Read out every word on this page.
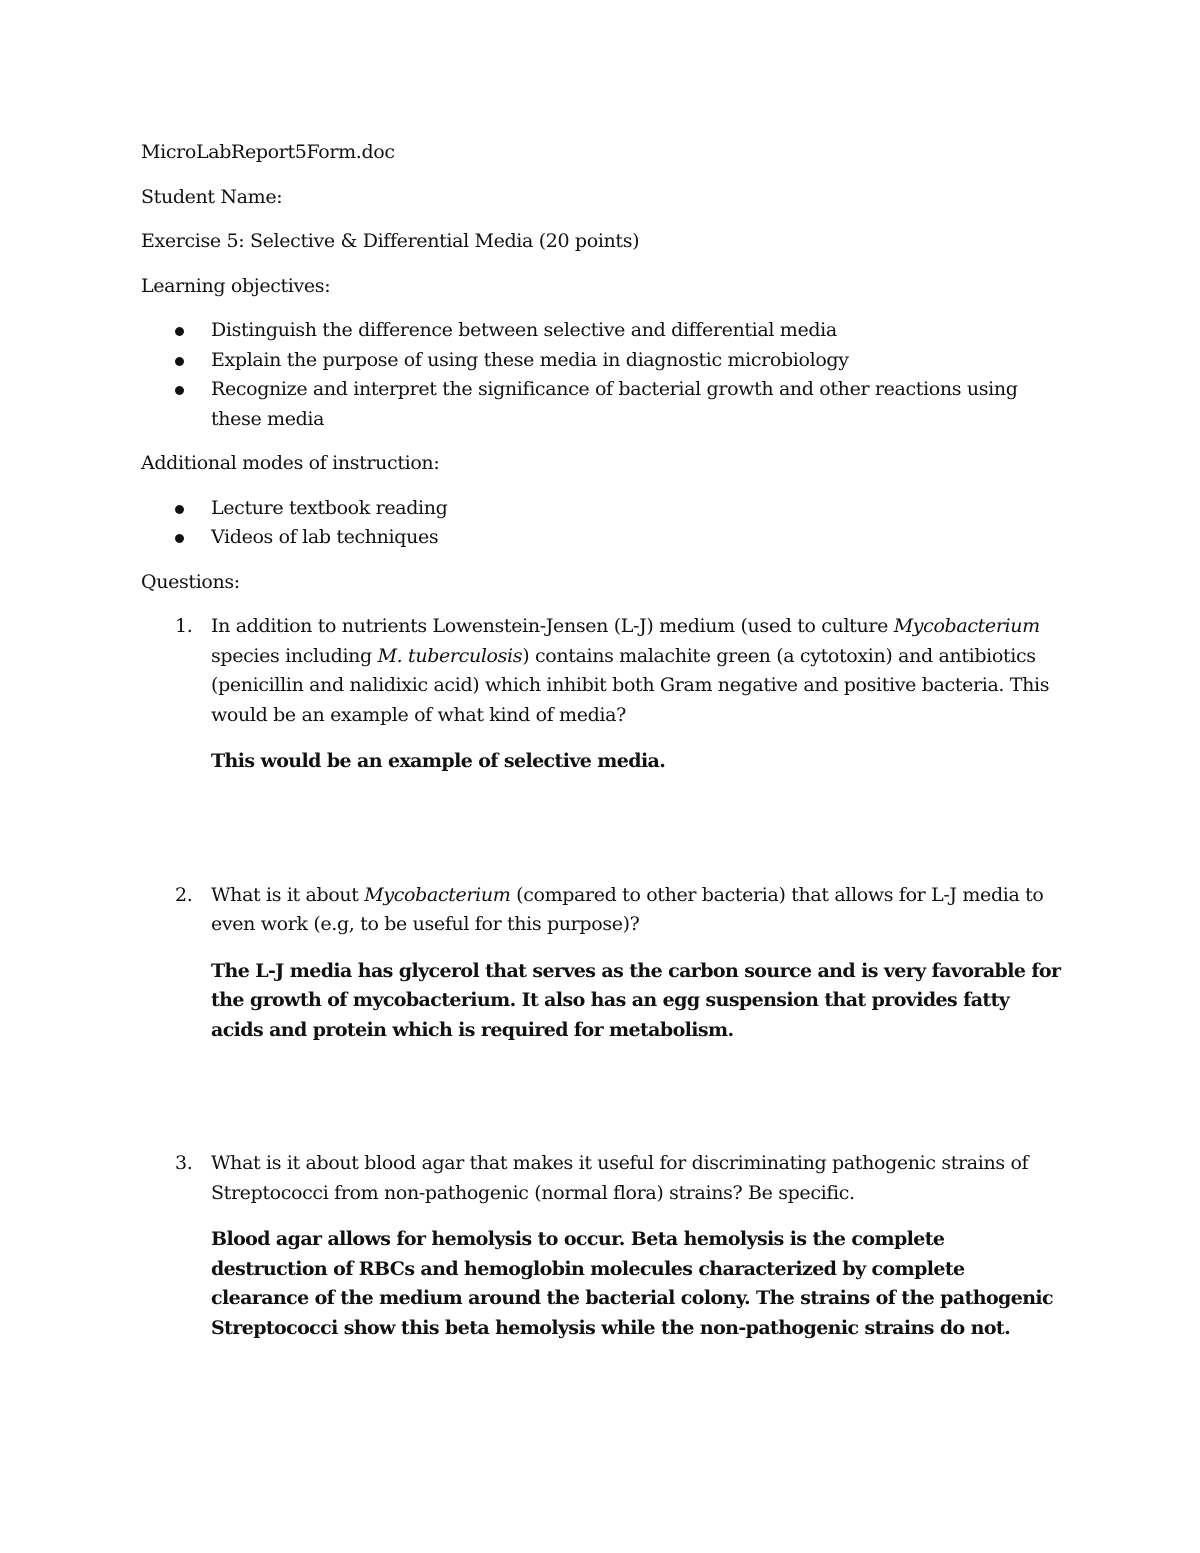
MicroLabReport5Form.doc

Student Name:

Exercise 5: Selective & Differential Media (20 points)

Learning objectives:

Distinguish the difference between selective and differential media
Explain the purpose of using these media in diagnostic microbiology
Recognize and interpret the significance of bacterial growth and other reactions using these media

Additional modes of instruction:

Lecture textbook reading
Videos of lab techniques

Questions:

1. In addition to nutrients Lowenstein-Jensen (L-J) medium (used to culture Mycobacterium species including M. tuberculosis) contains malachite green (a cytotoxin) and antibiotics (penicillin and nalidixic acid) which inhibit both Gram negative and positive bacteria. This would be an example of what kind of media?

This would be an example of selective media.

2. What is it about Mycobacterium (compared to other bacteria) that allows for L-J media to even work (e.g, to be useful for this purpose)?

The L-J media has glycerol that serves as the carbon source and is very favorable for the growth of mycobacterium. It also has an egg suspension that provides fatty acids and protein which is required for metabolism.

3. What is it about blood agar that makes it useful for discriminating pathogenic strains of Streptococci from non-pathogenic (normal flora) strains? Be specific.

Blood agar allows for hemolysis to occur. Beta hemolysis is the complete destruction of RBCs and hemoglobin molecules characterized by complete clearance of the medium around the bacterial colony. The strains of the pathogenic Streptococci show this beta hemolysis while the non-pathogenic strains do not.
